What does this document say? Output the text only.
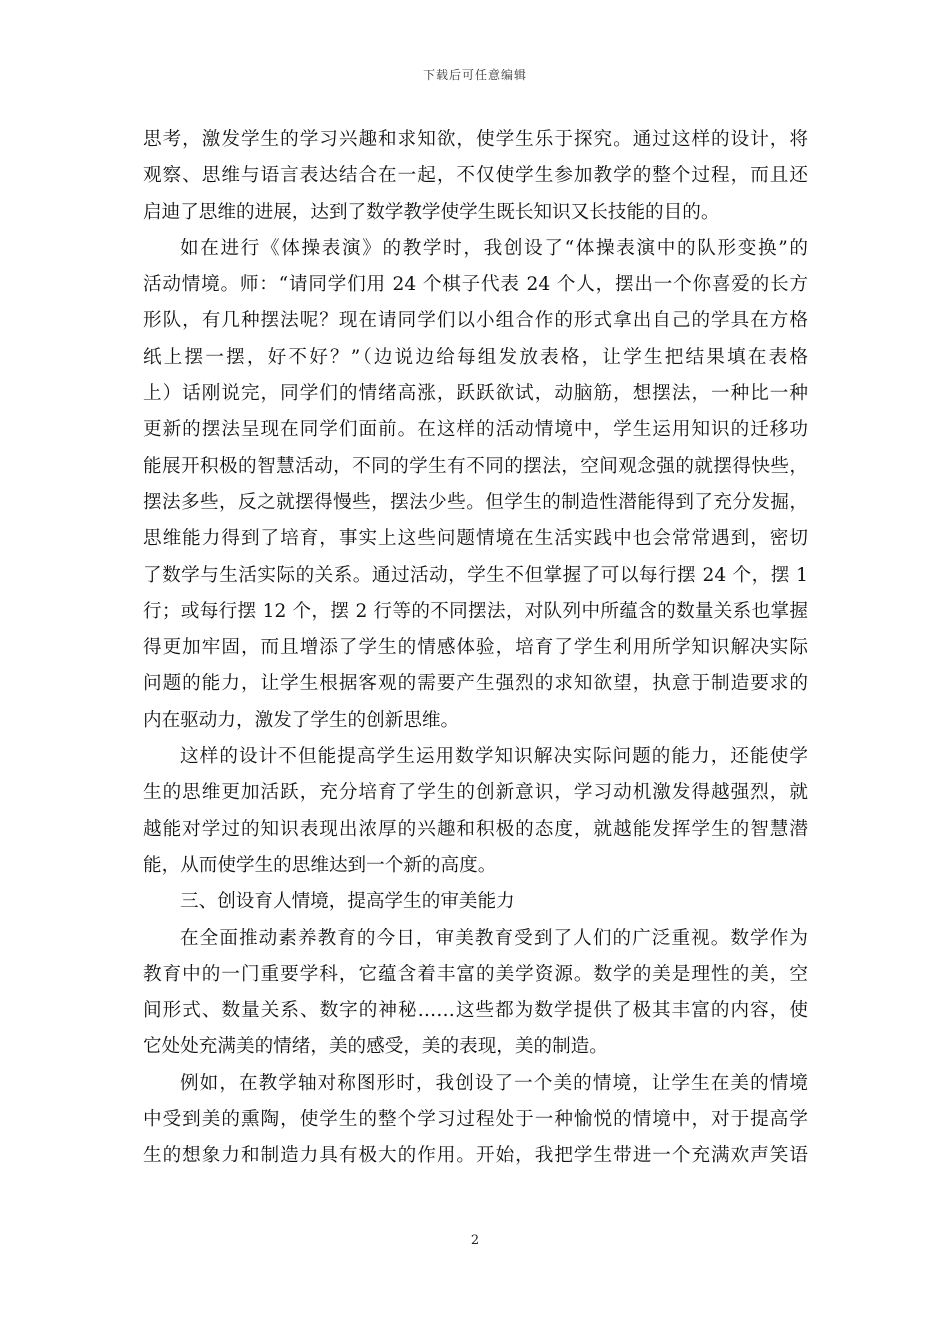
下载后可任意编辑
思考，激发学生的学习兴趣和求知欲，使学生乐于探究。通过这样的设计，将
观察、思维与语言表达结合在一起，不仅使学生参加教学的整个过程，而且还
启迪了思维的进展，达到了数学教学使学生既长知识又长技能的目的。
如在进行《体操表演》的教学时，我创设了“体操表演中的队形变换”的
活动情境。师：“请同学们用 24 个棋子代表 24 个人，摆出一个你喜爱的长方
形队，有几种摆法呢？现在请同学们以小组合作的形式拿出自己的学具在方格
纸上摆一摆，好不好？”（边说边给每组发放表格，让学生把结果填在表格
上）话刚说完，同学们的情绪高涨，跃跃欲试，动脑筋，想摆法，一种比一种
更新的摆法呈现在同学们面前。在这样的活动情境中，学生运用知识的迁移功
能展开积极的智慧活动，不同的学生有不同的摆法，空间观念强的就摆得快些，
摆法多些，反之就摆得慢些，摆法少些。但学生的制造性潜能得到了充分发掘，
思维能力得到了培育，事实上这些问题情境在生活实践中也会常常遇到，密切
了数学与生活实际的关系。通过活动，学生不但掌握了可以每行摆 24 个，摆 1
行；或每行摆 12 个，摆 2 行等的不同摆法，对队列中所蕴含的数量关系也掌握
得更加牢固，而且增添了学生的情感体验，培育了学生利用所学知识解决实际
问题的能力，让学生根据客观的需要产生强烈的求知欲望，执意于制造要求的
内在驱动力，激发了学生的创新思维。
这样的设计不但能提高学生运用数学知识解决实际问题的能力，还能使学
生的思维更加活跃，充分培育了学生的创新意识，学习动机激发得越强烈，就
越能对学过的知识表现出浓厚的兴趣和积极的态度，就越能发挥学生的智慧潜
能，从而使学生的思维达到一个新的高度。
三、创设育人情境，提高学生的审美能力
在全面推动素养教育的今日，审美教育受到了人们的广泛重视。数学作为
教育中的一门重要学科，它蕴含着丰富的美学资源。数学的美是理性的美，空
间形式、数量关系、数字的神秘……这些都为数学提供了极其丰富的内容，使
它处处充满美的情绪，美的感受，美的表现，美的制造。
例如，在教学轴对称图形时，我创设了一个美的情境，让学生在美的情境
中受到美的熏陶，使学生的整个学习过程处于一种愉悦的情境中，对于提高学
生的想象力和制造力具有极大的作用。开始，我把学生带进一个充满欢声笑语
2
